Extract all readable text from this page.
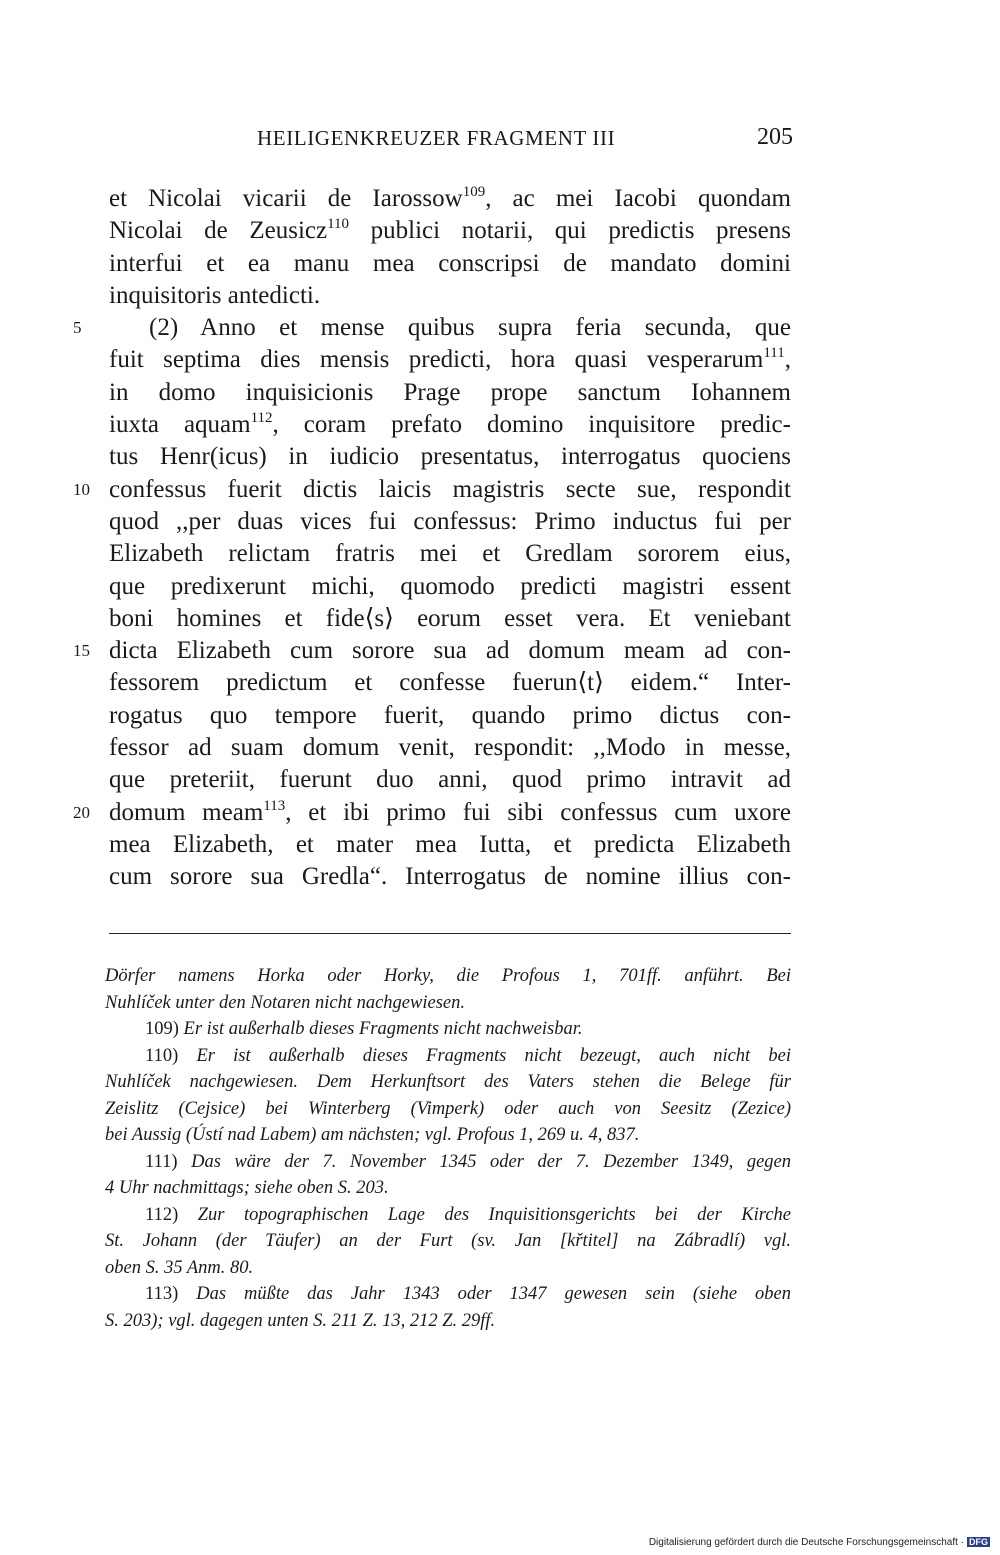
HEILIGENKREUZER FRAGMENT III	205
et Nicolai vicarii de Iarossow$^{109}$, ac mei Iacobi quondam
Nicolai de Zeusicz$^{110}$ publici notarii, qui predictis presens
interfui et ea manu mea conscripsi de mandato domini
inquisitoris antedicti.
5	(2) Anno et mense quibus supra feria secunda, que
fuit septima dies mensis predicti, hora quasi vesperarum$^{111}$,
in domo inquisicionis Prage prope sanctum Iohannem
iuxta aquam$^{112}$, coram prefato domino inquisitore predic-
tus Henr(icus) in iudicio presentatus, interrogatus quociens
10 confessus fuerit dictis laicis magistris secte sue, respondit
quod ,,per duas vices fui confessus: Primo inductus fui per
Elizabeth relictam fratris mei et Gredlam sororem eius,
que predixerunt michi, quomodo predicti magistri essent
boni homines et fide⟨s⟩ eorum esset vera. Et veniebant
15 dicta Elizabeth cum sorore sua ad domum meam ad con-
fessorem predictum et confesse fuerun⟨t⟩ eidem.“ Inter-
rogatus quo tempore fuerit, quando primo dictus con-
fessor ad suam domum venit, respondit: ,,Modo in messe,
que preteriit, fuerunt duo anni, quod primo intravit ad
20 domum meam$^{113}$, et ibi primo fui sibi confessus cum uxore
mea Elizabeth, et mater mea Iutta, et predicta Elizabeth
cum sorore sua Gredla“. Interrogatus de nomine illius con-
Dörfer namens Horka oder Horky, die Profous 1, 701ff. anführt. Bei
Nuhlíček unter den Notaren nicht nachgewiesen.
109) Er ist außerhalb dieses Fragments nicht nachweisbar.
110) Er ist außerhalb dieses Fragments nicht bezeugt, auch nicht bei
Nuhlíček nachgewiesen. Dem Herkunftsort des Vaters stehen die Belege für
Zeislitz (Cejsice) bei Winterberg (Vimperk) oder auch von Seesitz (Zezice)
bei Aussig (Ústí nad Labem) am nächsten; vgl. Profous 1, 269 u. 4, 837.
111) Das wäre der 7. November 1345 oder der 7. Dezember 1349, gegen
4 Uhr nachmittags; siehe oben S. 203.
112) Zur topographischen Lage des Inquisitionsgerichts bei der Kirche
St. Johann (der Täufer) an der Furt (sv. Jan [křtitel] na Zábradlí) vgl.
oben S. 35 Anm. 80.
113) Das müßte das Jahr 1343 oder 1347 gewesen sein (siehe oben
S. 203); vgl. dagegen unten S. 211 Z. 13, 212 Z. 29ff.
Digitalisierung gefördert durch die Deutsche Forschungsgemeinschaft · DFG
